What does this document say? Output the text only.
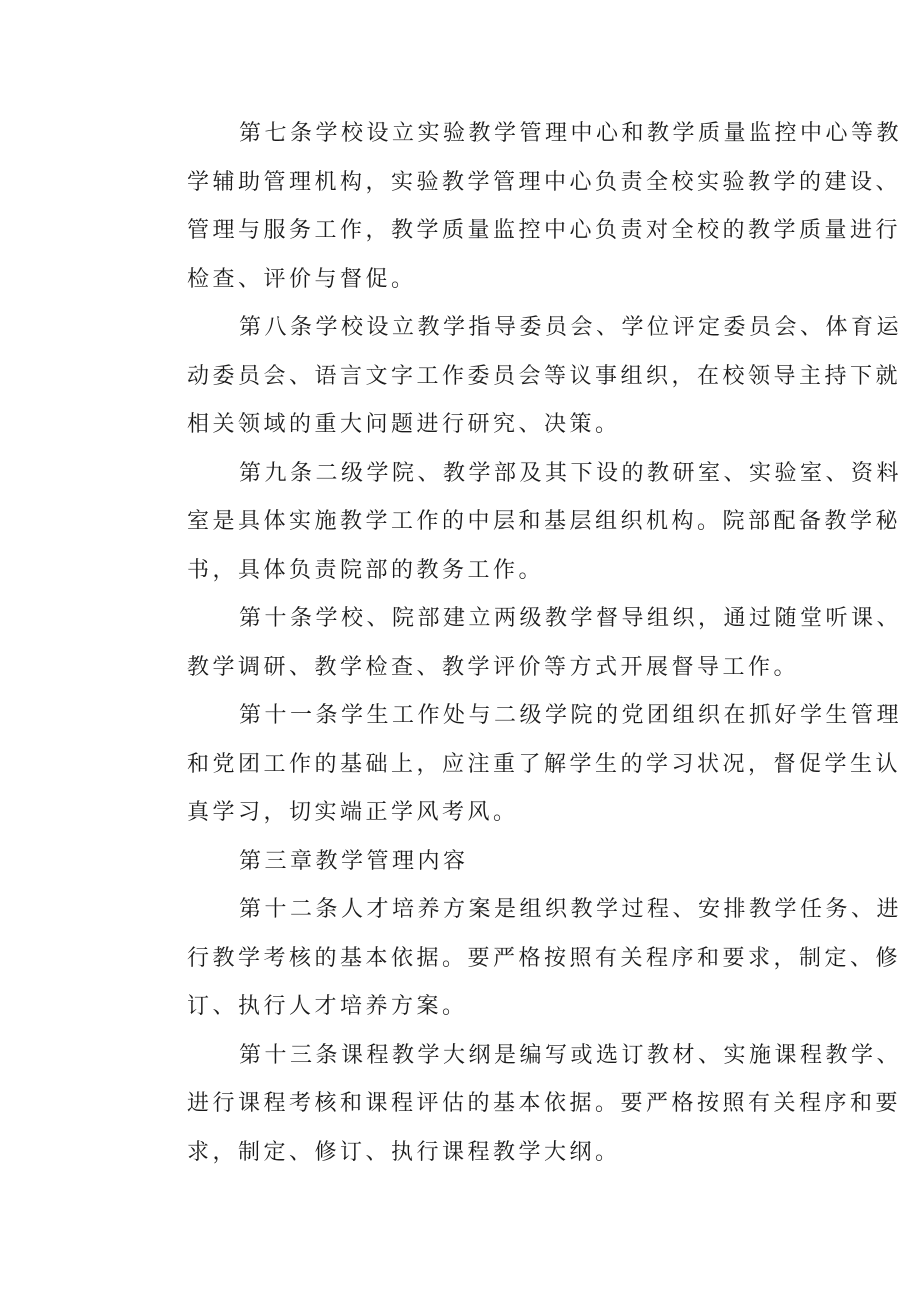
第七条学校设立实验教学管理中心和教学质量监控中心等教
学辅助管理机构，实验教学管理中心负责全校实验教学的建设、
管理与服务工作，教学质量监控中心负责对全校的教学质量进行
检查、评价与督促。
第八条学校设立教学指导委员会、学位评定委员会、体育运
动委员会、语言文字工作委员会等议事组织，在校领导主持下就
相关领域的重大问题进行研究、决策。
第九条二级学院、教学部及其下设的教研室、实验室、资料
室是具体实施教学工作的中层和基层组织机构。院部配备教学秘
书，具体负责院部的教务工作。
第十条学校、院部建立两级教学督导组织，通过随堂听课、
教学调研、教学检查、教学评价等方式开展督导工作。
第十一条学生工作处与二级学院的党团组织在抓好学生管理
和党团工作的基础上，应注重了解学生的学习状况，督促学生认
真学习，切实端正学风考风。
第三章教学管理内容
第十二条人才培养方案是组织教学过程、安排教学任务、进
行教学考核的基本依据。要严格按照有关程序和要求，制定、修
订、执行人才培养方案。
第十三条课程教学大纲是编写或选订教材、实施课程教学、
进行课程考核和课程评估的基本依据。要严格按照有关程序和要
求，制定、修订、执行课程教学大纲。
